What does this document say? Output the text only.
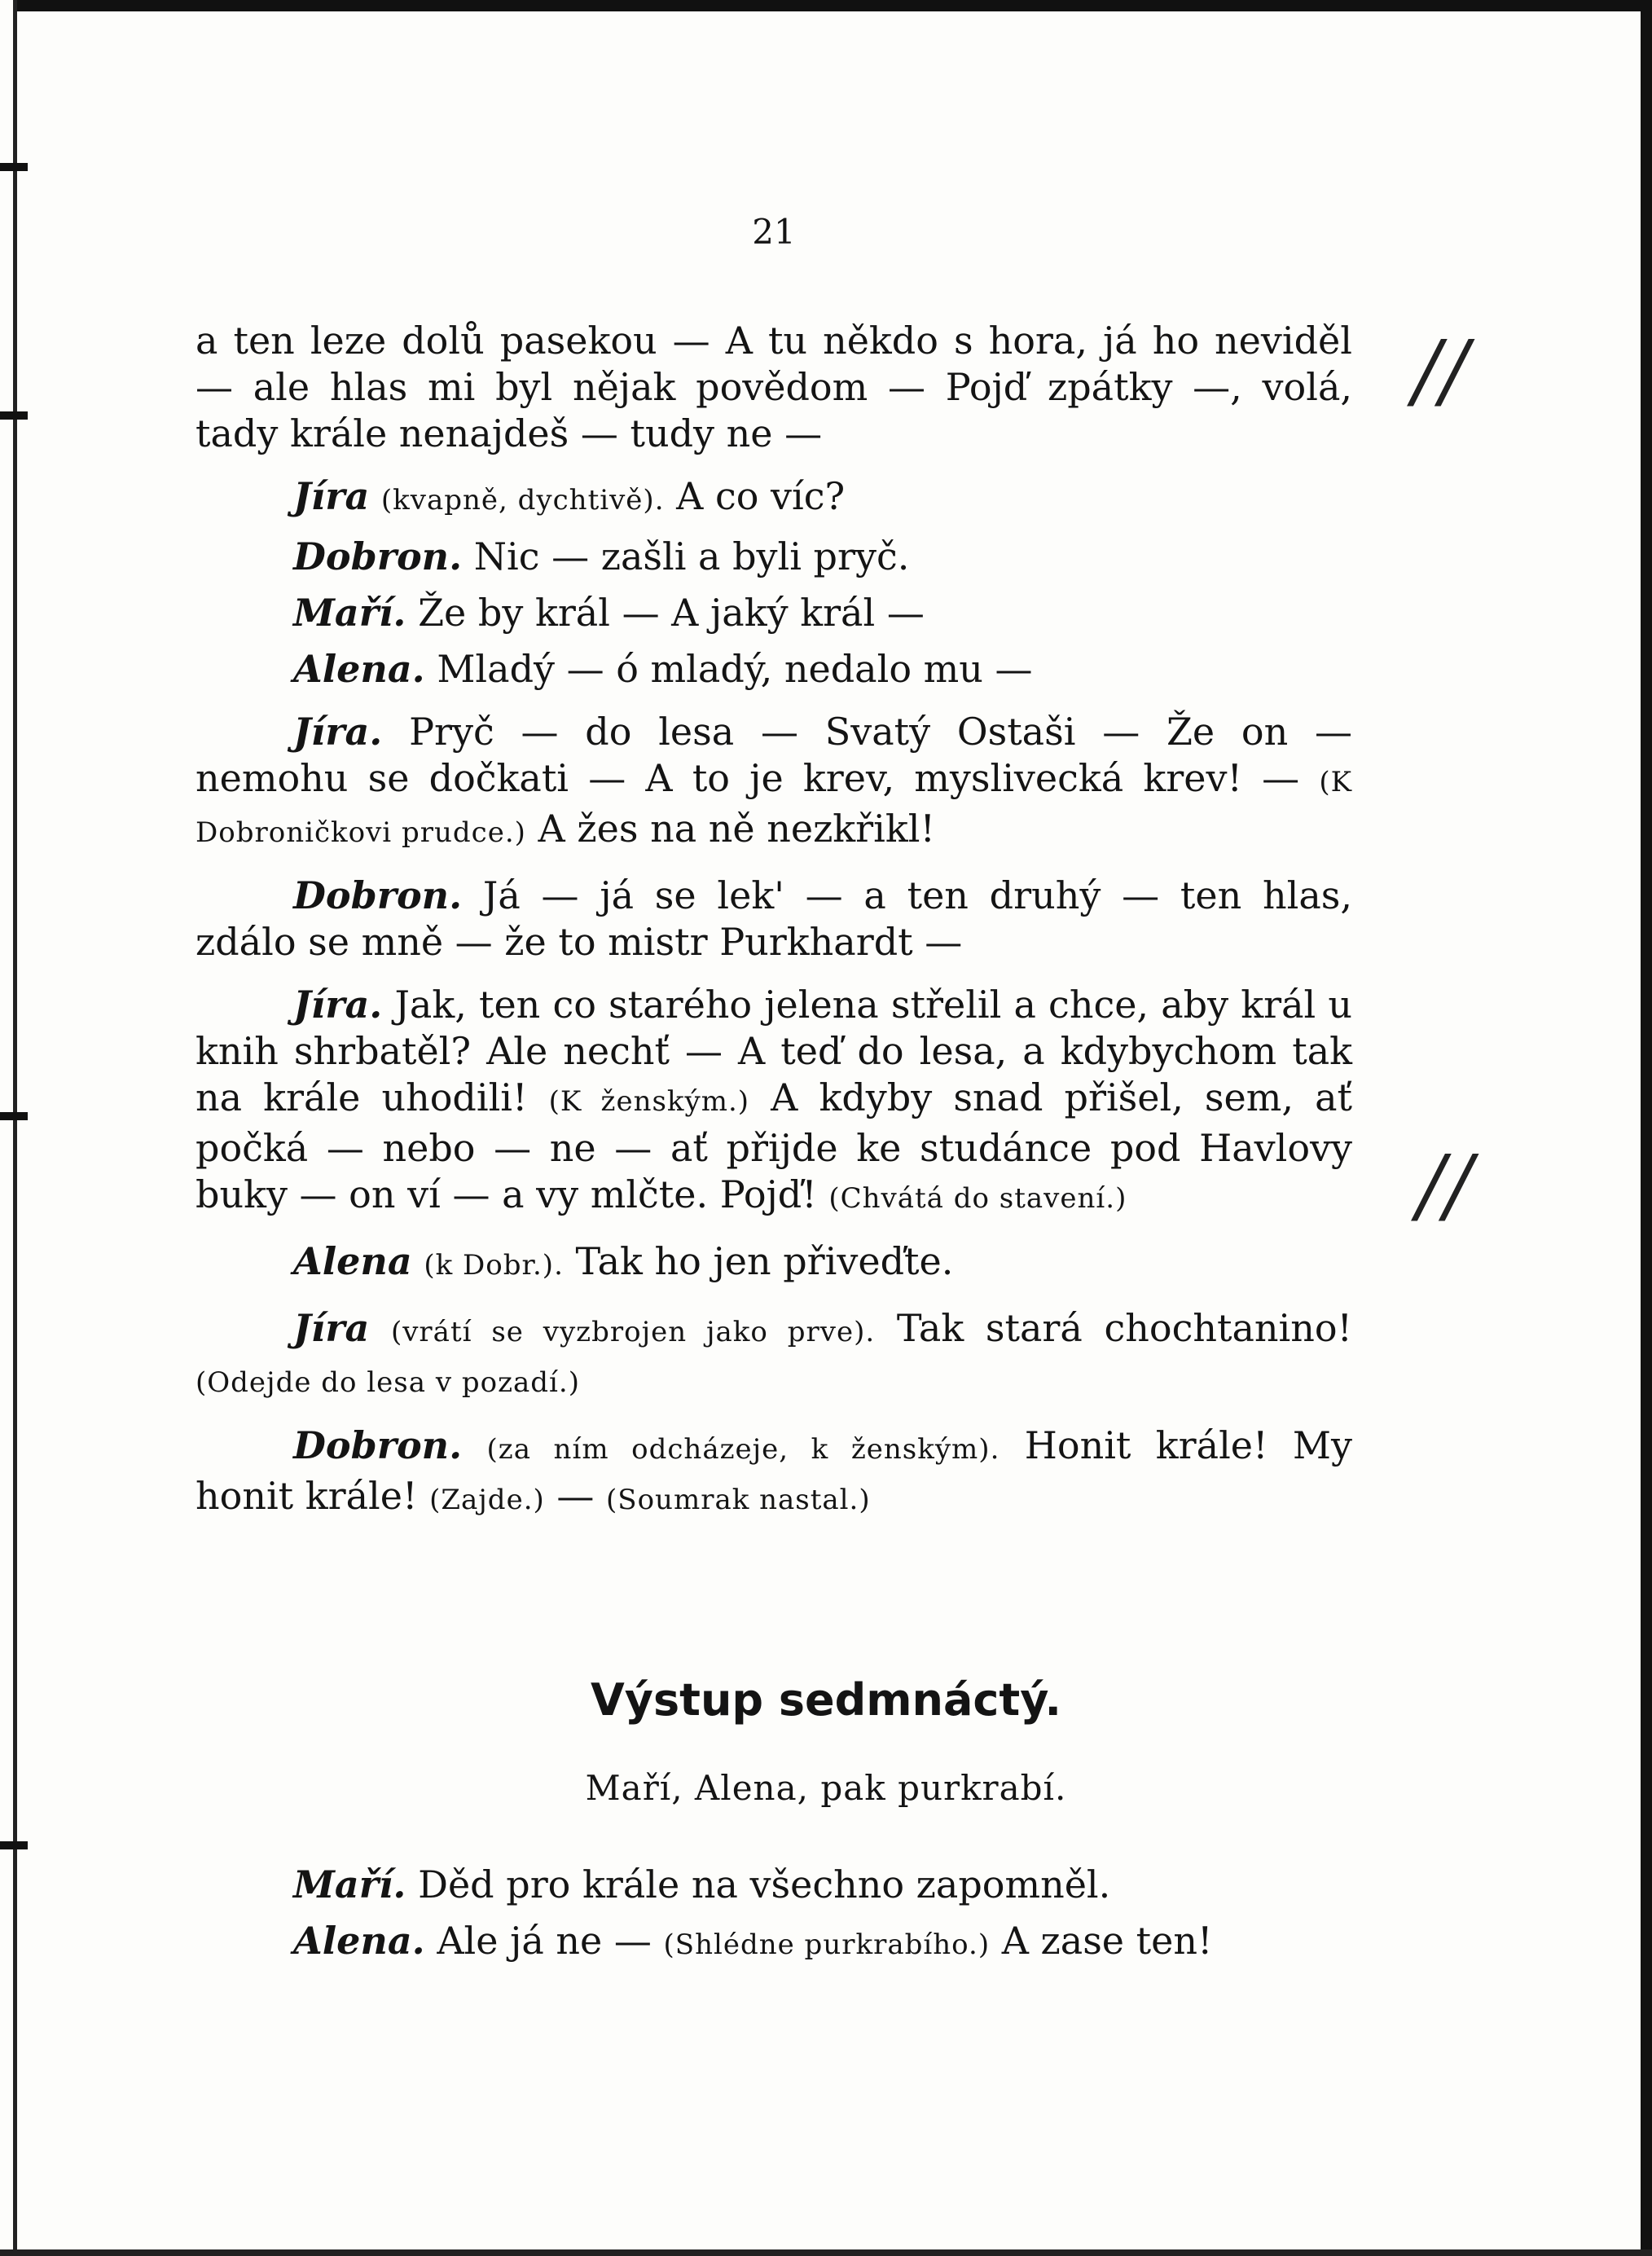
21
//
//

a ten leze dolů pasekou — A tu někdo s hora, já ho neviděl — ale hlas mi byl nějak povědom — Pojď zpátky —, volá, tady krále nenajdeš — tudy ne —

Jíra (kvapně, dychtivě). A co víc?

Dobron. Nic — zašli a byli pryč.

Maří. Že by král — A jaký král —

Alena. Mladý — ó mladý, nedalo mu —

Jíra. Pryč — do lesa — Svatý Ostaši — Že on — nemohu se dočkati — A to je krev, myslivecká krev! — (K Dobroničkovi prudce.) A žes na ně nezkřikl!

Dobron. Já — já se lek' — a ten druhý — ten hlas, zdálo se mně — že to mistr Purkhardt —

Jíra. Jak, ten co starého jelena střelil a chce, aby král u knih shrbatěl? Ale nechť — A teď do lesa, a kdybychom tak na krále uhodili! (K ženským.) A kdyby snad přišel, sem, ať počká — nebo — ne — ať přijde ke studánce pod Havlovy buky — on ví — a vy mlčte. Pojď! (Chvátá do stavení.)

Alena (k Dobr.). Tak ho jen přiveďte.

Jíra (vrátí se vyzbrojen jako prve). Tak stará chochtanino! (Odejde do lesa v pozadí.)

Dobron. (za ním odcházeje, k ženským). Honit krále! My honit krále! (Zajde.) — (Soumrak nastal.)

Výstup sedmnáctý.
Maří, Alena, pak purkrabí.

Maří. Děd pro krále na všechno zapomněl.

Alena. Ale já ne — (Shlédne purkrabího.) A zase ten!
